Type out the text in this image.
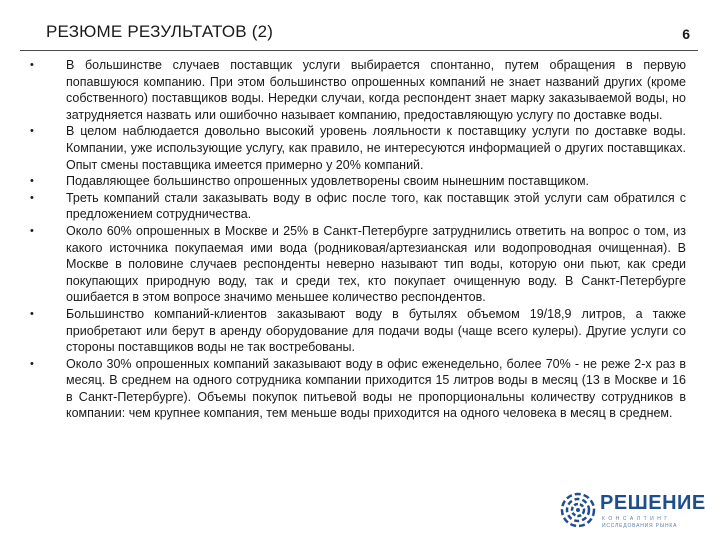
РЕЗЮМЕ РЕЗУЛЬТАТОВ (2)	6
•	В большинстве случаев поставщик услуги выбирается спонтанно, путем обращения в первую попавшуюся компанию. При этом большинство опрошенных компаний не знает названий других (кроме собственного) поставщиков воды. Нередки случаи, когда респондент знает марку заказываемой воды, но затрудняется назвать или ошибочно называет компанию, предоставляющую услугу по доставке воды.
•	В целом наблюдается довольно высокий уровень лояльности к поставщику услуги по доставке воды. Компании, уже использующие услугу, как правило, не интересуются информацией о других поставщиках. Опыт смены поставщика имеется примерно у 20% компаний.
•	Подавляющее большинство опрошенных удовлетворены своим нынешним поставщиком.
•	Треть компаний стали заказывать воду в офис после того, как поставщик этой услуги сам обратился с предложением сотрудничества.
•	Около 60% опрошенных в Москве и 25% в Санкт-Петербурге затруднились ответить на вопрос о том, из какого источника покупаемая ими вода (родниковая/артезианская или водопроводная очищенная). В Москве в половине случаев респонденты неверно называют тип воды, которую они пьют, как среди покупающих природную воду, так и среди тех, кто покупает очищенную воду. В Санкт-Петербурге ошибается в этом вопросе значимо меньшее количество респондентов.
•	Большинство компаний-клиентов заказывают воду в бутылях объемом 19/18,9 литров, а также приобретают или берут в аренду оборудование для подачи воды (чаще всего кулеры). Другие услуги со стороны поставщиков воды не так востребованы.
•	Около 30% опрошенных компаний заказывают воду в офис еженедельно, более 70% - не реже 2-х раз в месяц. В среднем на одного сотрудника компании приходится 15 литров воды в месяц (13 в Москве и 16 в Санкт-Петербурге). Объемы покупок питьевой воды не пропорциональны количеству сотрудников в компании: чем крупнее компания, тем меньше воды приходится на одного человека в месяц в среднем.
РЕШЕНИЕ
КОНСАЛТИНГ
ИССЛЕДОВАНИЯ РЫНКА
